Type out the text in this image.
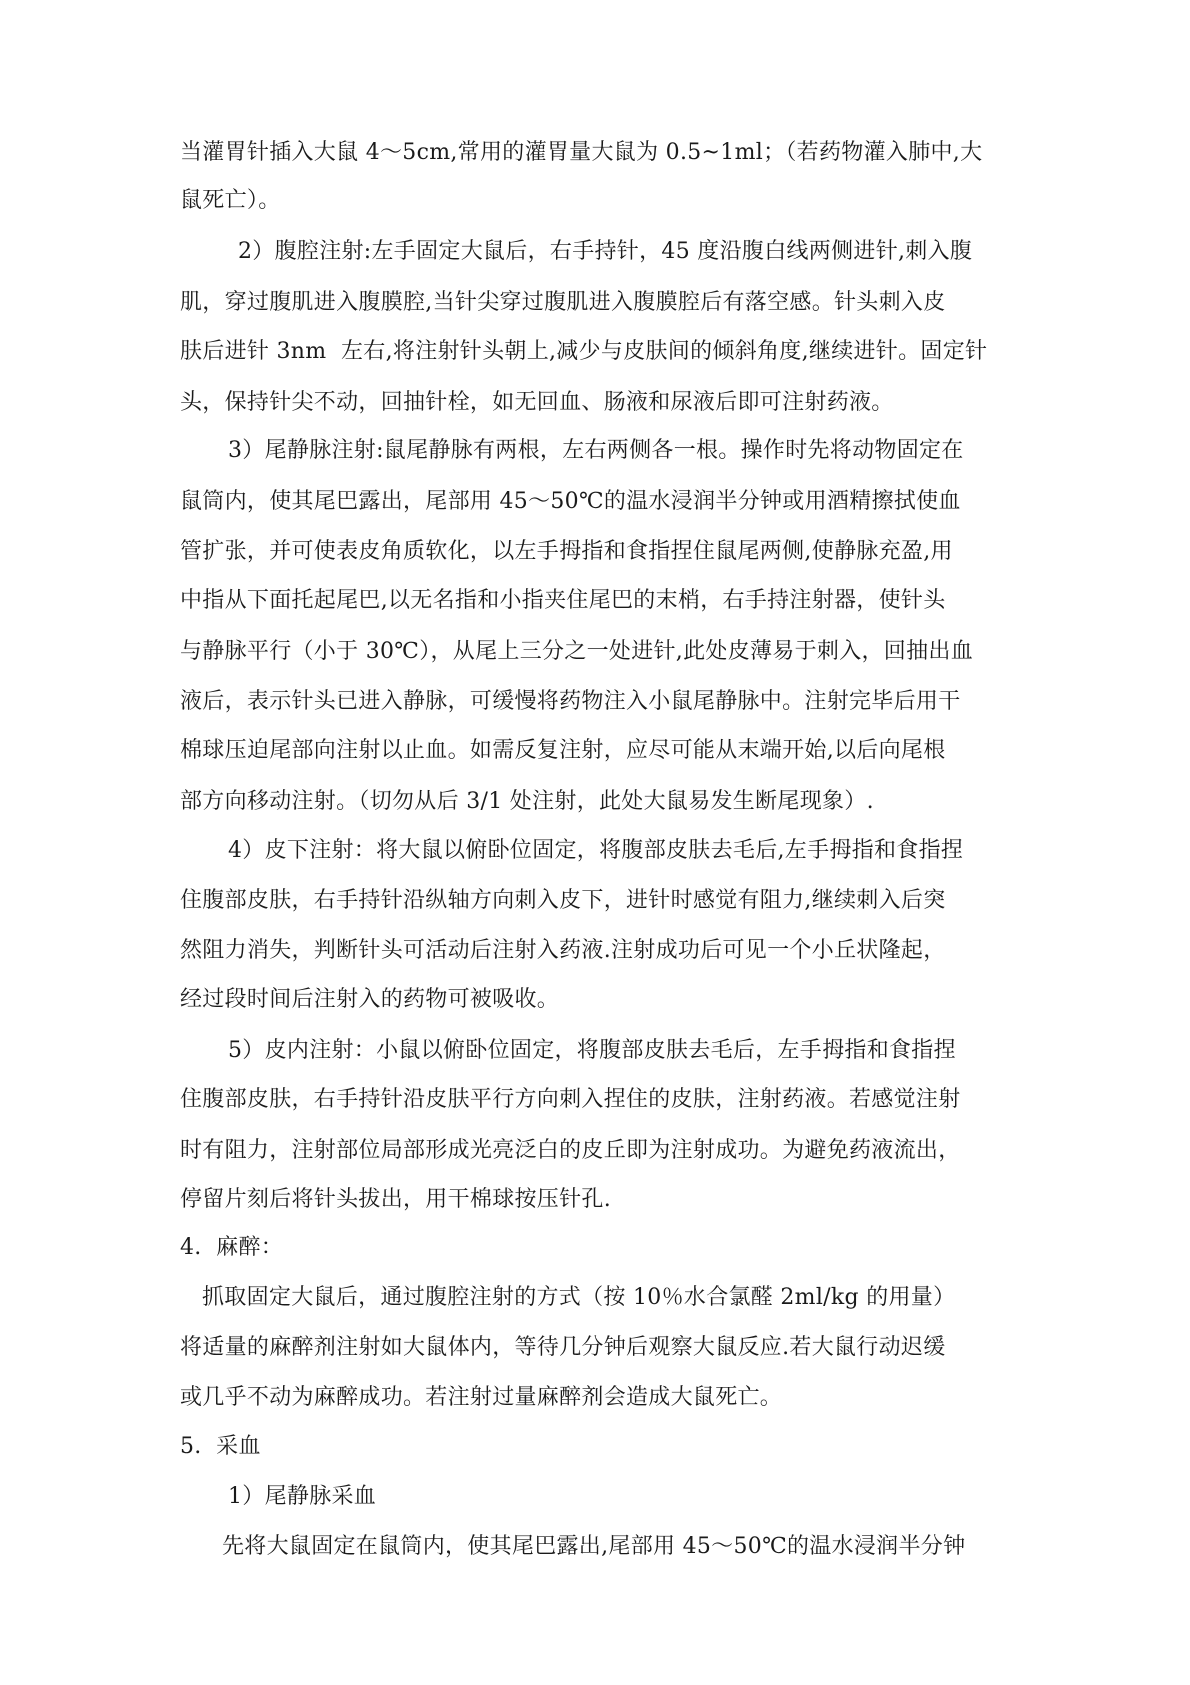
当灌胃针插入大鼠 4～5cm,常用的灌胃量大鼠为 0.5~1ml；（若药物灌入肺中,大
鼠死亡）。
2）腹腔注射:左手固定大鼠后，右手持针，45 度沿腹白线两侧进针,刺入腹
肌，穿过腹肌进入腹膜腔,当针尖穿过腹肌进入腹膜腔后有落空感。针头刺入皮
肤后进针 3nm  左右,将注射针头朝上,减少与皮肤间的倾斜角度,继续进针。固定针
头，保持针尖不动，回抽针栓，如无回血、肠液和尿液后即可注射药液。
3）尾静脉注射:鼠尾静脉有两根，左右两侧各一根。操作时先将动物固定在
鼠筒内，使其尾巴露出，尾部用 45～50℃的温水浸润半分钟或用酒精擦拭使血
管扩张，并可使表皮角质软化，以左手拇指和食指捏住鼠尾两侧,使静脉充盈,用
中指从下面托起尾巴,以无名指和小指夹住尾巴的末梢，右手持注射器，使针头
与静脉平行（小于 30℃），从尾上三分之一处进针,此处皮薄易于刺入，回抽出血
液后，表示针头已进入静脉，可缓慢将药物注入小鼠尾静脉中。注射完毕后用干
棉球压迫尾部向注射以止血。如需反复注射，应尽可能从末端开始,以后向尾根
部方向移动注射。（切勿从后 3/1 处注射，此处大鼠易发生断尾现象）.
4）皮下注射：将大鼠以俯卧位固定，将腹部皮肤去毛后,左手拇指和食指捏
住腹部皮肤，右手持针沿纵轴方向刺入皮下，进针时感觉有阻力,继续刺入后突
然阻力消失，判断针头可活动后注射入药液.注射成功后可见一个小丘状隆起，
经过段时间后注射入的药物可被吸收。
5）皮内注射：小鼠以俯卧位固定，将腹部皮肤去毛后，左手拇指和食指捏
住腹部皮肤，右手持针沿皮肤平行方向刺入捏住的皮肤，注射药液。若感觉注射
时有阻力，注射部位局部形成光亮泛白的皮丘即为注射成功。为避免药液流出，
停留片刻后将针头拔出，用干棉球按压针孔.
4.  麻醉：
抓取固定大鼠后，通过腹腔注射的方式（按 10％水合氯醛 2ml/kg 的用量）
将适量的麻醉剂注射如大鼠体内，等待几分钟后观察大鼠反应.若大鼠行动迟缓
或几乎不动为麻醉成功。若注射过量麻醉剂会造成大鼠死亡。
5.  采血
1）尾静脉采血
先将大鼠固定在鼠筒内，使其尾巴露出,尾部用 45～50℃的温水浸润半分钟
